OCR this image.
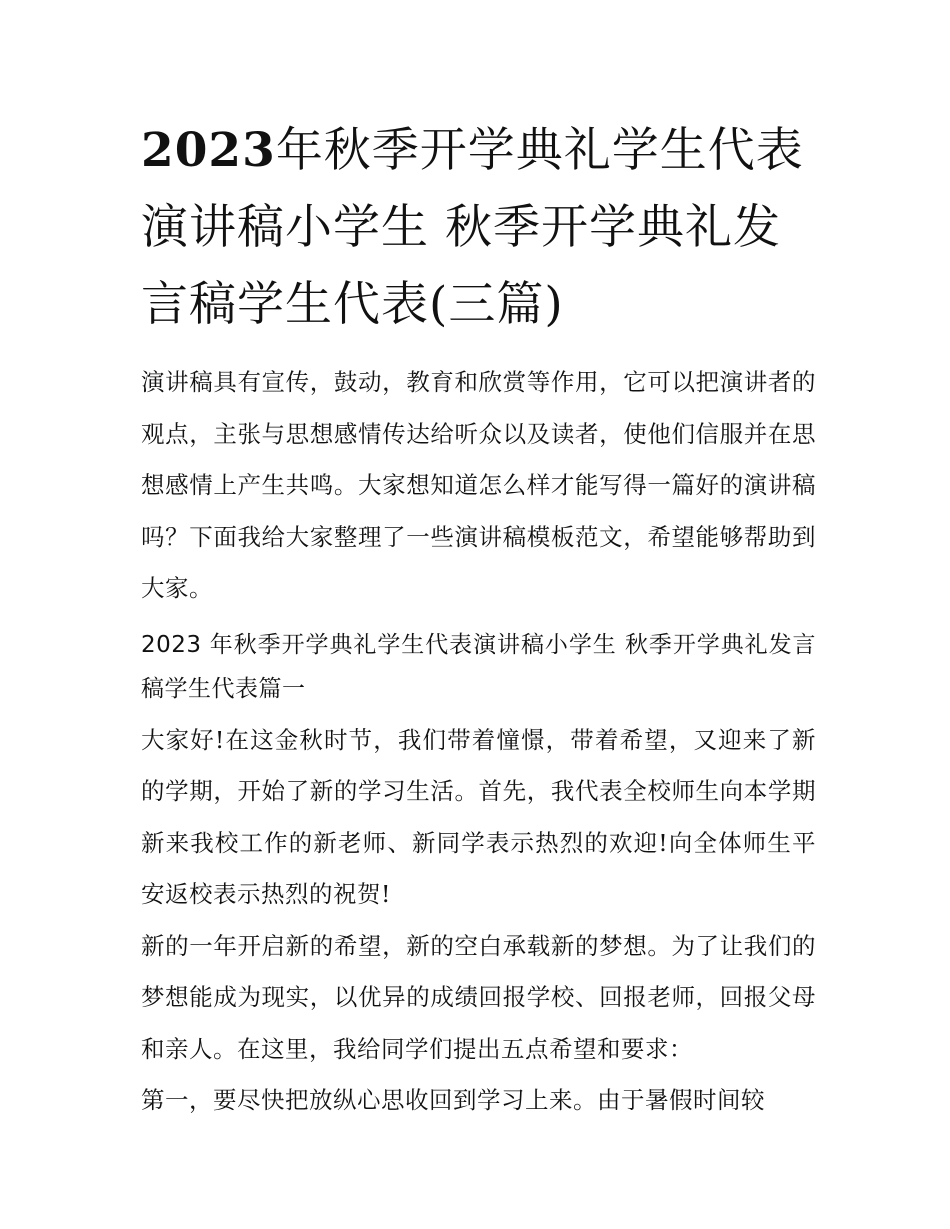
2023年秋季开学典礼学生代表演讲稿小学生 秋季开学典礼发言稿学生代表(三篇)

演讲稿具有宣传，鼓动，教育和欣赏等作用，它可以把演讲者的观点，主张与思想感情传达给听众以及读者，使他们信服并在思想感情上产生共鸣。大家想知道怎么样才能写得一篇好的演讲稿吗？下面我给大家整理了一些演讲稿模板范文，希望能够帮助到大家。

2023 年秋季开学典礼学生代表演讲稿小学生 秋季开学典礼发言稿学生代表篇一

大家好!在这金秋时节，我们带着憧憬，带着希望，又迎来了新的学期，开始了新的学习生活。首先，我代表全校师生向本学期新来我校工作的新老师、新同学表示热烈的欢迎!向全体师生平安返校表示热烈的祝贺!

新的一年开启新的希望，新的空白承载新的梦想。为了让我们的梦想能成为现实，以优异的成绩回报学校、回报老师，回报父母和亲人。在这里，我给同学们提出五点希望和要求：

第一，要尽快把放纵心思收回到学习上来。由于暑假时间较
